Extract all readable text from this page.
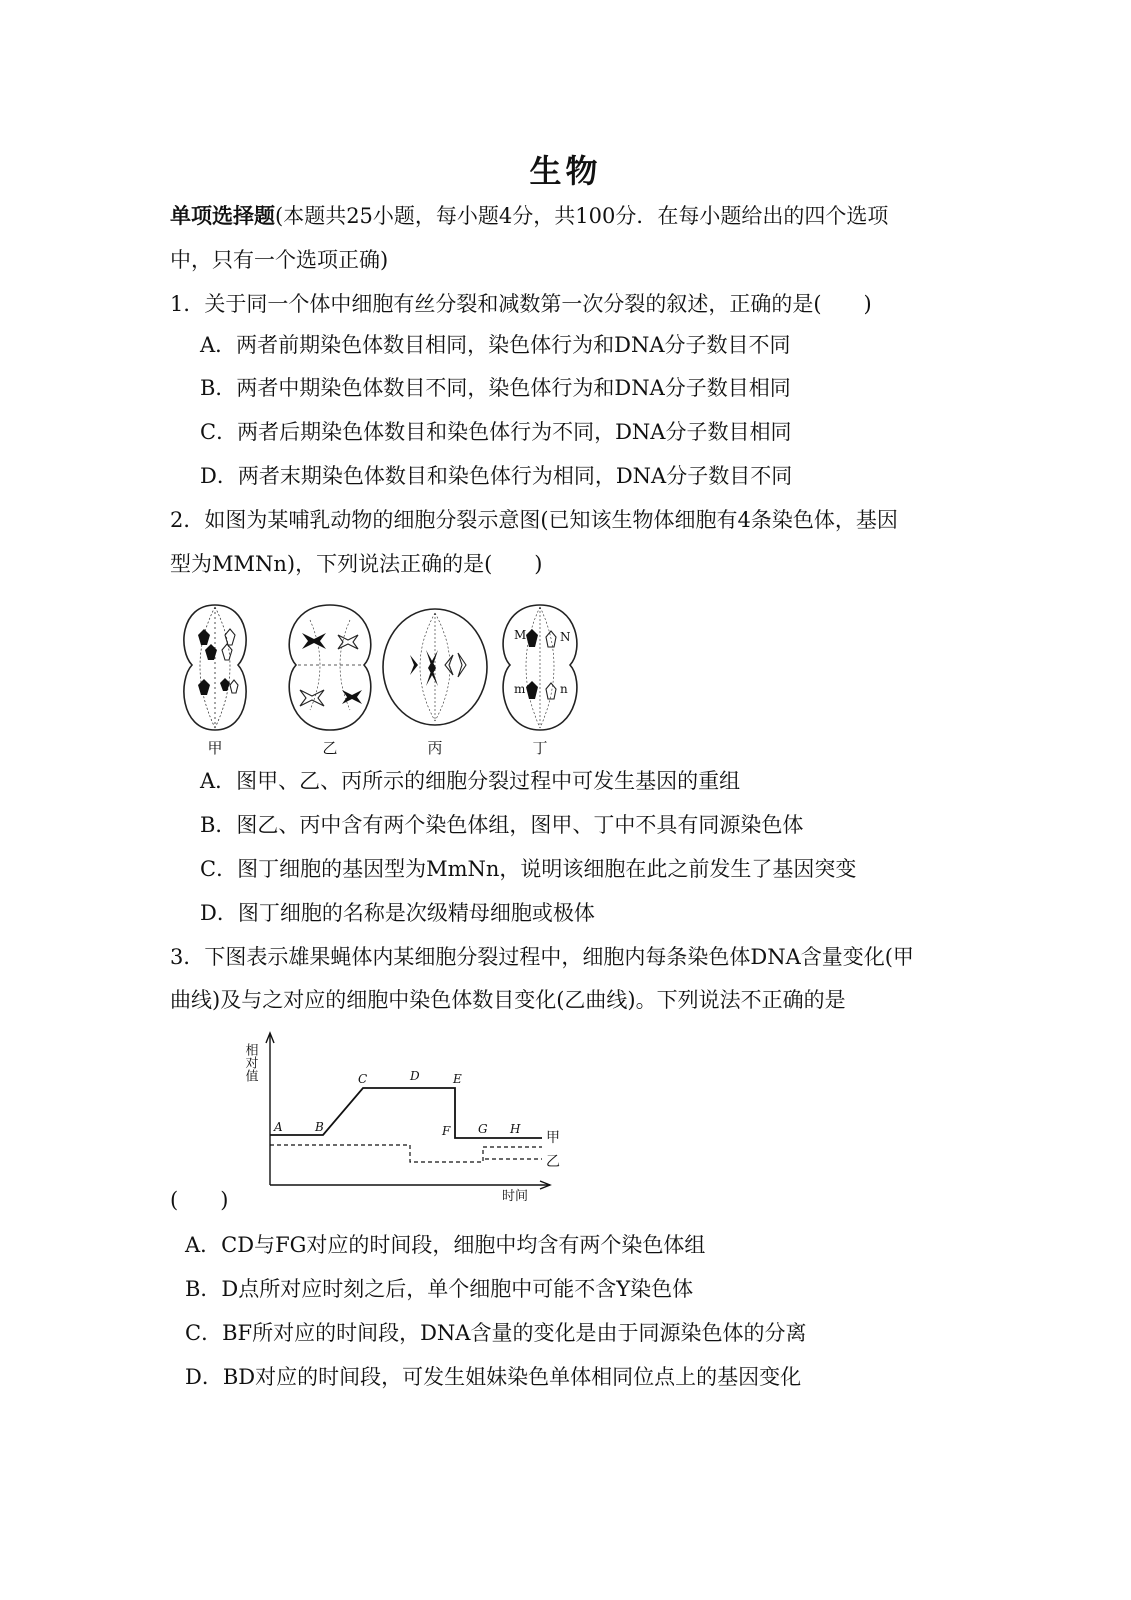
生物
单项选择题(本题共25小题，每小题4分，共100分．在每小题给出的四个选项
中，只有一个选项正确)
1．关于同一个体中细胞有丝分裂和减数第一次分裂的叙述，正确的是(　　)
A．两者前期染色体数目相同，染色体行为和DNA分子数目不同
B．两者中期染色体数目不同，染色体行为和DNA分子数目相同
C．两者后期染色体数目和染色体行为不同，DNA分子数目相同
D．两者末期染色体数目和染色体行为相同，DNA分子数目不同
2．如图为某哺乳动物的细胞分裂示意图(已知该生物体细胞有4条染色体，基因
型为MMNn)，下列说法正确的是(　　)
M	N
m	n
甲	乙	丙	丁
A．图甲、乙、丙所示的细胞分裂过程中可发生基因的重组
B．图乙、丙中含有两个染色体组，图甲、丁中不具有同源染色体
C．图丁细胞的基因型为MmNn，说明该细胞在此之前发生了基因突变
D．图丁细胞的名称是次级精母细胞或极体
3．下图表示雄果蝇体内某细胞分裂过程中，细胞内每条染色体DNA含量变化(甲
曲线)及与之对应的细胞中染色体数目变化(乙曲线)。下列说法不正确的是
相对值
时间
A	B
C	D	E
F G H
甲
乙
(　　)
A．CD与FG对应的时间段，细胞中均含有两个染色体组
B．D点所对应时刻之后，单个细胞中可能不含Y染色体
C．BF所对应的时间段，DNA含量的变化是由于同源染色体的分离
D．BD对应的时间段，可发生姐妹染色单体相同位点上的基因变化
